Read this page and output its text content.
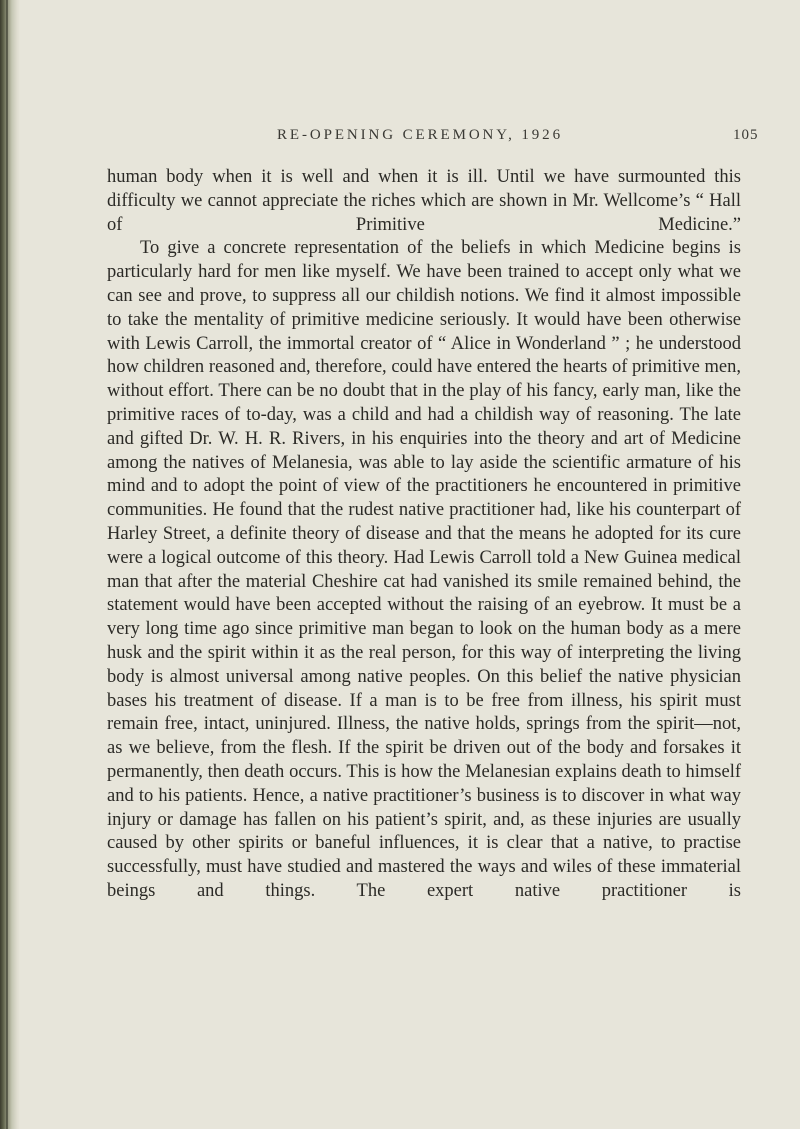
RE-OPENING CEREMONY, 1926	105

human body when it is well and when it is ill. Until we have surmounted this difficulty we cannot appreciate the riches which are shown in Mr. Wellcome’s “ Hall of Primitive Medicine.”

To give a concrete representation of the beliefs in which Medicine begins is particularly hard for men like myself. We have been trained to accept only what we can see and prove, to suppress all our childish notions. We find it almost impossible to take the mentality of primitive medicine seriously. It would have been otherwise with Lewis Carroll, the immortal creator of “ Alice in Wonderland ” ; he understood how children reasoned and, therefore, could have entered the hearts of primitive men, without effort. There can be no doubt that in the play of his fancy, early man, like the primitive races of to-day, was a child and had a childish way of reasoning. The late and gifted Dr. W. H. R. Rivers, in his enquiries into the theory and art of Medicine among the natives of Melanesia, was able to lay aside the scientific armature of his mind and to adopt the point of view of the practitioners he encountered in primitive communities. He found that the rudest native practitioner had, like his counterpart of Harley Street, a definite theory of disease and that the means he adopted for its cure were a logical outcome of this theory. Had Lewis Carroll told a New Guinea medical man that after the material Cheshire cat had vanished its smile remained behind, the statement would have been accepted without the raising of an eyebrow. It must be a very long time ago since primitive man began to look on the human body as a mere husk and the spirit within it as the real person, for this way of interpreting the living body is almost universal among native peoples. On this belief the native physician bases his treatment of disease. If a man is to be free from illness, his spirit must remain free, intact, uninjured. Illness, the native holds, springs from the spirit—not, as we believe, from the flesh. If the spirit be driven out of the body and forsakes it permanently, then death occurs. This is how the Melanesian explains death to himself and to his patients. Hence, a native practitioner’s business is to discover in what way injury or damage has fallen on his patient’s spirit, and, as these injuries are usually caused by other spirits or baneful influences, it is clear that a native, to practise successfully, must have studied and mastered the ways and wiles of these immaterial beings and things. The expert native practitioner is
